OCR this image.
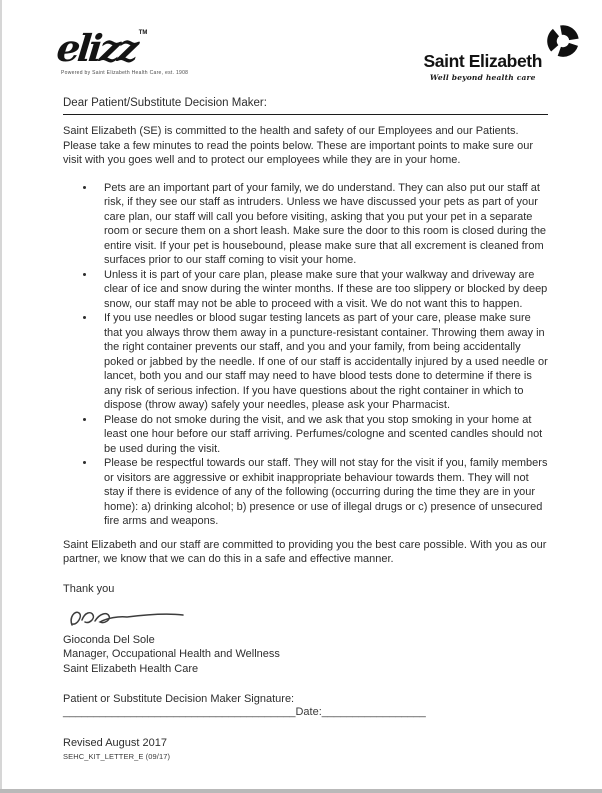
elizz™
Powered by Saint Elizabeth Health Care, est. 1908
Saint Elizabeth
Well beyond health care

Dear Patient/Substitute Decision Maker:

Saint Elizabeth (SE) is committed to the health and safety of our Employees and our Patients. Please take a few minutes to read the points below. These are important points to make sure our visit with you goes well and to protect our employees while they are in your home.

• Pets are an important part of your family, we do understand. They can also put our staff at risk, if they see our staff as intruders. Unless we have discussed your pets as part of your care plan, our staff will call you before visiting, asking that you put your pet in a separate room or secure them on a short leash. Make sure the door to this room is closed during the entire visit. If your pet is housebound, please make sure that all excrement is cleaned from surfaces prior to our staff coming to visit your home.
• Unless it is part of your care plan, please make sure that your walkway and driveway are clear of ice and snow during the winter months. If these are too slippery or blocked by deep snow, our staff may not be able to proceed with a visit. We do not want this to happen.
• If you use needles or blood sugar testing lancets as part of your care, please make sure that you always throw them away in a puncture-resistant container. Throwing them away in the right container prevents our staff, and you and your family, from being accidentally poked or jabbed by the needle. If one of our staff is accidentally injured by a used needle or lancet, both you and our staff may need to have blood tests done to determine if there is any risk of serious infection. If you have questions about the right container in which to dispose (throw away) safely your needles, please ask your Pharmacist.
• Please do not smoke during the visit, and we ask that you stop smoking in your home at least one hour before our staff arriving. Perfumes/cologne and scented candles should not be used during the visit.
• Please be respectful towards our staff. They will not stay for the visit if you, family members or visitors are aggressive or exhibit inappropriate behaviour towards them. They will not stay if there is evidence of any of the following (occurring during the time they are in your home): a) drinking alcohol; b) presence or use of illegal drugs or c) presence of unsecured fire arms and weapons.

Saint Elizabeth and our staff are committed to providing you the best care possible. With you as our partner, we know that we can do this in a safe and effective manner.

Thank you

Gioconda Del Sole
Manager, Occupational Health and Wellness
Saint Elizabeth Health Care

Patient or Substitute Decision Maker Signature:

______________________________________Date:_________________

Revised August 2017

SEHC_KIT_LETTER_E (09/17)
